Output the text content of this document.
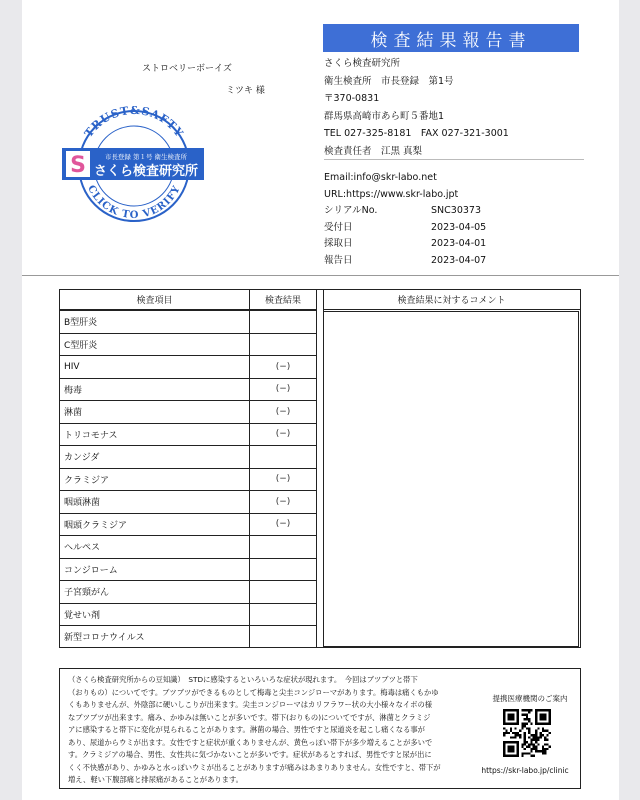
検査結果報告書
ストロベリーボーイズ
ミツキ 様
さくら検査研究所
衛生検査所　市長登録　第1号
〒370-0831
群馬県高崎市あら町５番地1
TEL 027-325-8181　FAX 027-321-3001
検査責任者　江黒 真梨
Email:info@skr-labo.net
URL:https://www.skr-labo.jpt
シリアルNo.	SNC30373
受付日	2023-04-05
採取日	2023-04-01
報告日	2023-04-07
TRUST&SAFTY
CLICK TO VERIFY
S	市長登録 第１号 衛生検査所
さくら検査研究所
検査項目	検査結果	検査結果に対するコメント
B型肝炎
C型肝炎
HIV	(−)
梅毒	(−)
淋菌	(−)
トリコモナス	(−)
カンジダ
クラミジア	(−)
咽頭淋菌	(−)
咽頭クラミジア	(−)
ヘルペス
コンジローム
子宮頸がん
覚せい剤
新型コロナウイルス
（さくら検査研究所からの豆知識）　STDに感染するといろいろな症状が現れます。　今回はブツブツと帯下
（おりもの）についてです。ブツブツができるものとして梅毒と尖圭コンジローマがあります。梅毒は痛くもかゆ
くもありませんが、外陰部に硬いしこりが出来ます。尖圭コンジローマはカリフラワー状の大小様々なイボの様
なブツブツが出来ます。痛み、かゆみは無いことが多いです。帯下(おりもの)についてですが、淋菌とクラミジ
アに感染すると帯下に変化が見られることがあります。淋菌の場合、男性ですと尿道炎を起こし痛くなる事が
あり、尿道からウミが出ます。女性ですと症状が重くありませんが、黄色っぽい帯下が多少増えることが多いで
す。クラミジアの場合、男性、女性共に気づかないことが多いです。症状があるとすれば、男性ですと尿が出に
くく不快感があり、かゆみと水っぽいウミが出ることがありますが痛みはあまりありません。女性ですと、帯下が
増え、軽い下腹部痛と排尿痛があることがあります。
提携医療機関のご案内
https://skr-labo.jp/clinic
